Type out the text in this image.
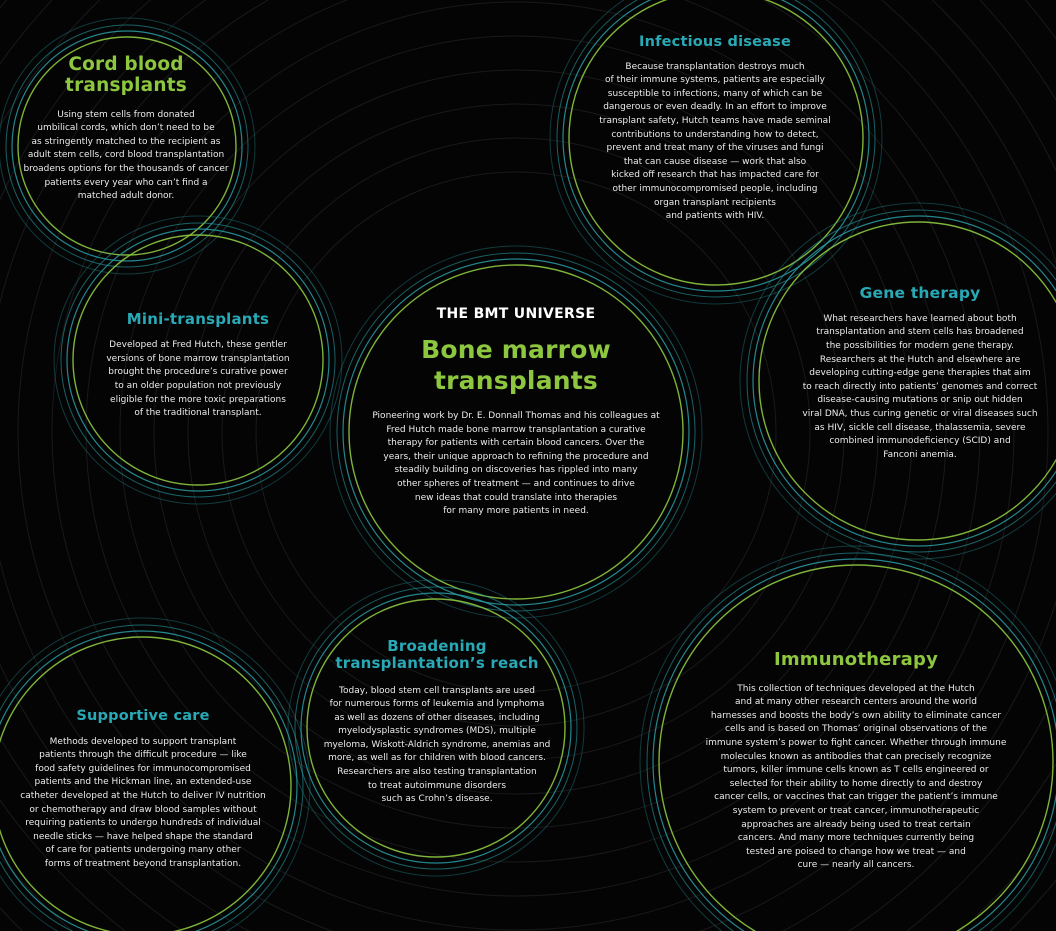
Cord blood
transplants
Using stem cells from donated
umbilical cords, which don’t need to be
as stringently matched to the recipient as
adult stem cells, cord blood transplantation
broadens options for the thousands of cancer
patients every year who can’t find a
matched adult donor.
Infectious disease
Because transplantation destroys much
of their immune systems, patients are especially
susceptible to infections, many of which can be
dangerous or even deadly. In an effort to improve
transplant safety, Hutch teams have made seminal
contributions to understanding how to detect,
prevent and treat many of the viruses and fungi
that can cause disease — work that also
kicked off research that has impacted care for
other immunocompromised people, including
organ transplant recipients
and patients with HIV.
Mini-transplants
Developed at Fred Hutch, these gentler
versions of bone marrow transplantation
brought the procedure’s curative power
to an older population not previously
eligible for the more toxic preparations
of the traditional transplant.
THE BMT UNIVERSE
Bone marrow
transplants
Pioneering work by Dr. E. Donnall Thomas and his colleagues at
Fred Hutch made bone marrow transplantation a curative
therapy for patients with certain blood cancers. Over the
years, their unique approach to refining the procedure and
steadily building on discoveries has rippled into many
other spheres of treatment — and continues to drive
new ideas that could translate into therapies
for many more patients in need.
Gene therapy
What researchers have learned about both
transplantation and stem cells has broadened
the possibilities for modern gene therapy.
Researchers at the Hutch and elsewhere are
developing cutting-edge gene therapies that aim
to reach directly into patients’ genomes and correct
disease-causing mutations or snip out hidden
viral DNA, thus curing genetic or viral diseases such
as HIV, sickle cell disease, thalassemia, severe
combined immunodeficiency (SCID) and
Fanconi anemia.
Supportive care
Methods developed to support transplant
patients through the difficult procedure — like
food safety guidelines for immunocompromised
patients and the Hickman line, an extended-use
catheter developed at the Hutch to deliver IV nutrition
or chemotherapy and draw blood samples without
requiring patients to undergo hundreds of individual
needle sticks — have helped shape the standard
of care for patients undergoing many other
forms of treatment beyond transplantation.
Broadening
transplantation’s reach
Today, blood stem cell transplants are used
for numerous forms of leukemia and lymphoma
as well as dozens of other diseases, including
myelodysplastic syndromes (MDS), multiple
myeloma, Wiskott-Aldrich syndrome, anemias and
more, as well as for children with blood cancers.
Researchers are also testing transplantation
to treat autoimmune disorders
such as Crohn’s disease.
Immunotherapy
This collection of techniques developed at the Hutch
and at many other research centers around the world
harnesses and boosts the body’s own ability to eliminate cancer
cells and is based on Thomas’ original observations of the
immune system’s power to fight cancer. Whether through immune
molecules known as antibodies that can precisely recognize
tumors, killer immune cells known as T cells engineered or
selected for their ability to home directly to and destroy
cancer cells, or vaccines that can trigger the patient’s immune
system to prevent or treat cancer, immunotherapeutic
approaches are already being used to treat certain
cancers. And many more techniques currently being
tested are poised to change how we treat — and
cure — nearly all cancers.
